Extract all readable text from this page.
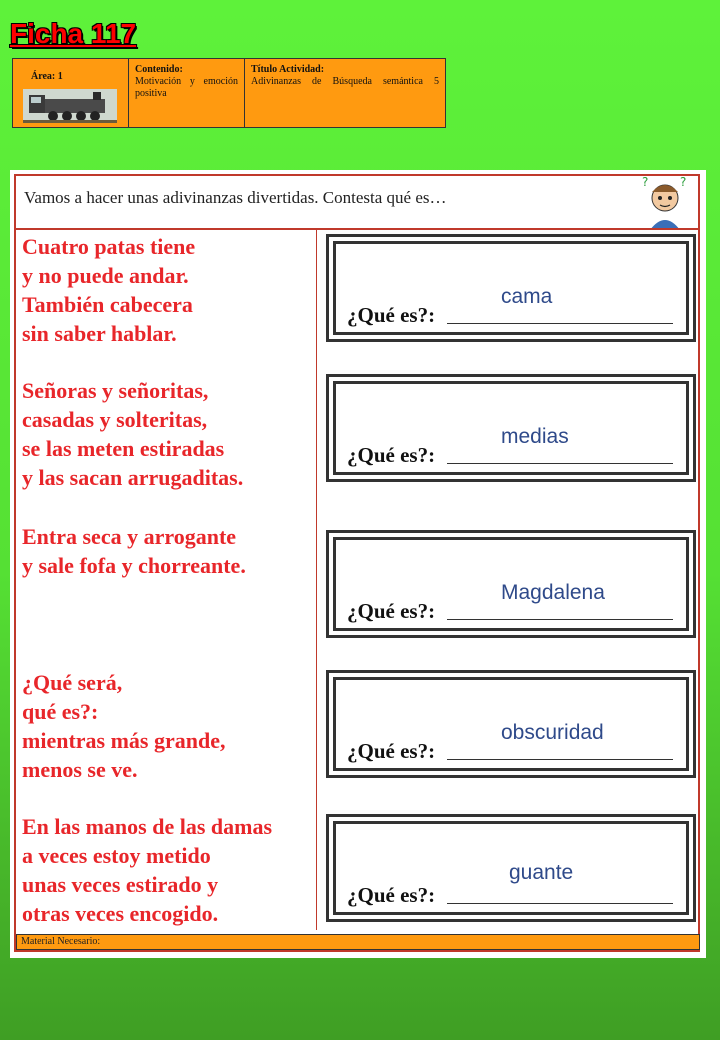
Ficha 117
Área: 1
Contenido:
Motivación y emoción positiva
Título Actividad:
Adivinanzas de Búsqueda semántica 5
Vamos a hacer unas adivinanzas divertidas. Contesta qué es…
?	?
Cuatro patas tiene
y no puede andar.
También cabecera
sin saber hablar.
cama
¿Qué es?:
Señoras y señoritas,
casadas y solteritas,
se las meten estiradas
y las sacan arrugaditas.
medias
¿Qué es?:
Entra seca y arrogante
y sale fofa y chorreante.
Magdalena
¿Qué es?:
¿Qué será,
qué es?:
mientras más grande,
menos se ve.
obscuridad
¿Qué es?:
En las manos de las damas
a veces estoy metido
unas veces estirado y
otras veces encogido.
guante
¿Qué es?:
Material Necesario:
